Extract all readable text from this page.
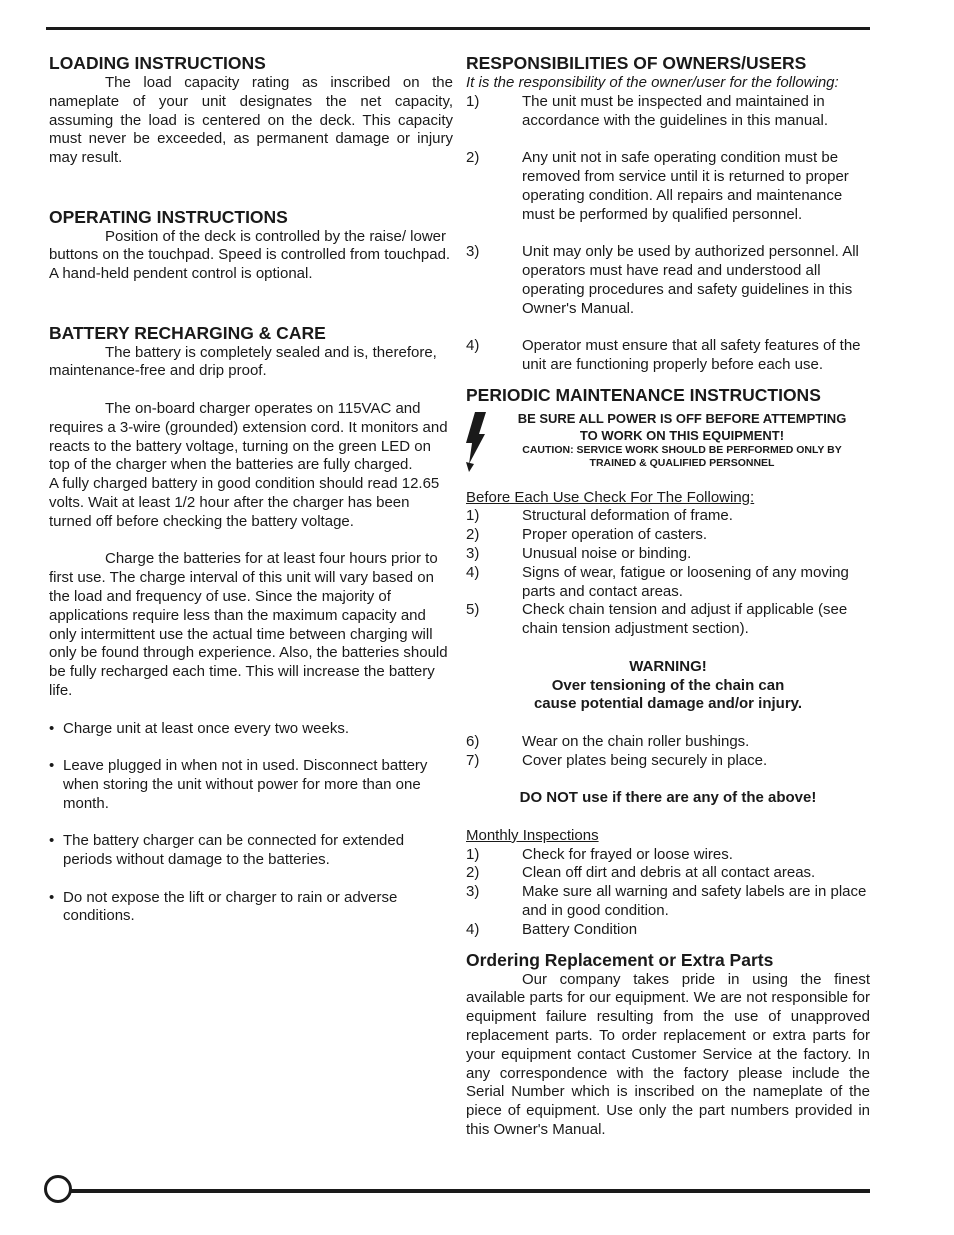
LOADING INSTRUCTIONS

The load capacity rating as inscribed on the nameplate of your unit designates the net capacity, assuming the load is centered on the deck. This capacity must never be exceeded, as permanent damage or injury may result.

OPERATING INSTRUCTIONS

Position of the deck is controlled by the raise/ lower buttons on the touchpad. Speed is controlled from touchpad. A hand-held pendent control is optional.

BATTERY RECHARGING & CARE

The battery is completely sealed and is, therefore, maintenance-free and drip proof.

The on-board charger operates on 115VAC and requires a 3-wire (grounded) extension cord. It monitors and reacts to the battery voltage, turning on the green LED on top of the charger when the batteries are fully charged.

A fully charged battery in good condition should read 12.65 volts. Wait at least 1/2 hour after the charger has been turned off before checking the battery voltage.

Charge the batteries for at least four hours prior to first use. The charge interval of this unit will vary based on the load and frequency of use. Since the majority of applications require less than the maximum capacity and only intermittent use the actual time between charging will only be found through experience. Also, the batteries should be fully recharged each time. This will increase the battery life.

• Charge unit at least once every two weeks.
• Leave plugged in when not in used. Disconnect battery when storing the unit without power for more than one month.
• The battery charger can be connected for extended periods without damage to the batteries.
• Do not expose the lift or charger to rain or adverse conditions.
RESPONSIBILITIES OF OWNERS/USERS

It is the responsibility of the owner/user for the following:

1)	The unit must be inspected and maintained in accordance with the guidelines in this manual.
2)	Any unit not in safe operating condition must be removed from service until it is returned to proper operating condition. All repairs and maintenance must be performed by qualified personnel.
3)	Unit may only be used by authorized personnel. All operators must have read and understood all operating procedures and safety guidelines in this Owner's Manual.
4)	Operator must ensure that all safety features of the unit are functioning properly before each use.
PERIODIC MAINTENANCE INSTRUCTIONS
BE SURE ALL POWER IS OFF BEFORE ATTEMPTING
TO WORK ON THIS EQUIPMENT!
CAUTION: SERVICE WORK SHOULD BE PERFORMED ONLY BY
TRAINED & QUALIFIED PERSONNEL

Before Each Use Check For The Following:

1)	Structural deformation of frame.
2)	Proper operation of casters.
3)	Unusual noise or binding.
4)	Signs of wear, fatigue or loosening of any moving parts and contact areas.
5)	Check chain tension and adjust if applicable (see chain tension adjustment section).
WARNING!
Over tensioning of the chain can
cause potential damage and/or injury.
6)	Wear on the chain roller bushings.
7)	Cover plates being securely in place.
DO NOT use if there are any of the above!

Monthly Inspections

1)	Check for frayed or loose wires.
2)	Clean off dirt and debris at all contact areas.
3)	Make sure all warning and safety labels are in place and in good condition.
4)	Battery Condition
Ordering Replacement or Extra Parts

Our company takes pride in using the finest available parts for our equipment. We are not responsible for equipment failure resulting from the use of unapproved replacement parts. To order replacement or extra parts for your equipment contact Customer Service at the factory. In any correspondence with the factory please include the Serial Number which is inscribed on the nameplate of the piece of equipment. Use only the part numbers provided in this Owner's Manual.
